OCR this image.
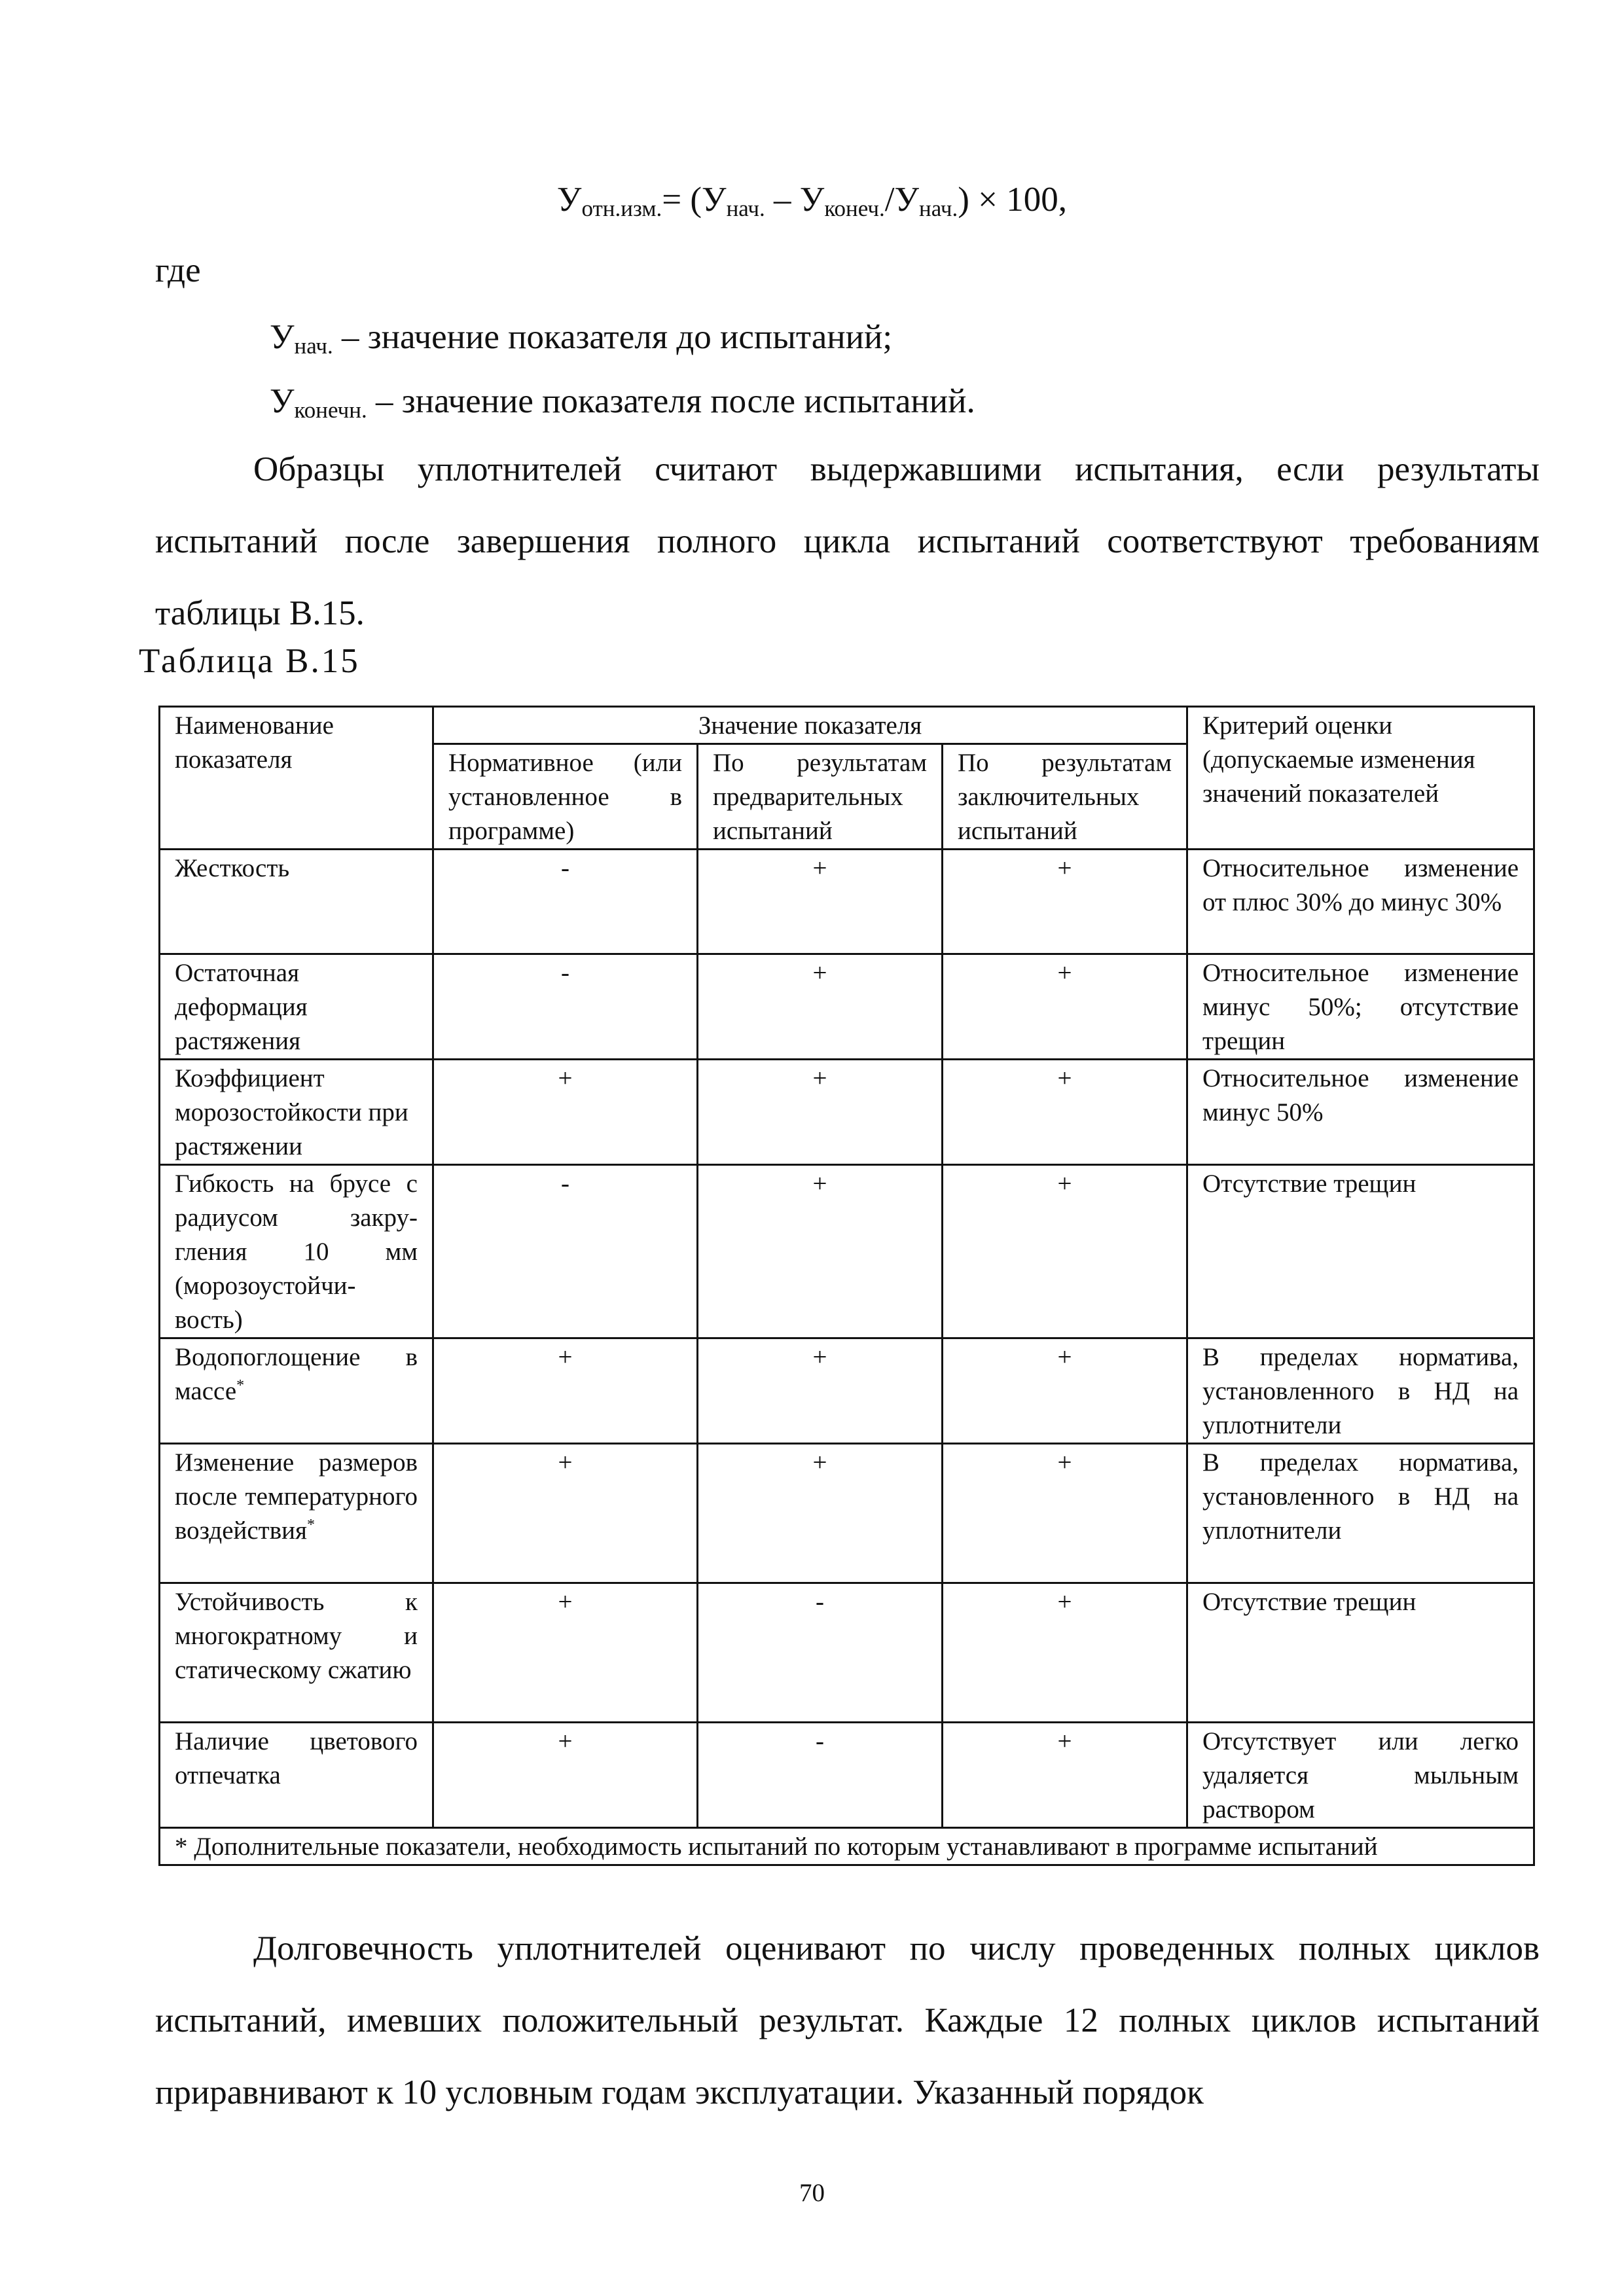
$У_{отн.изм.}= (У_{нач.} - У_{конеч.}/У_{нач.}) \times 100$,
где
$У_{нач.}$ – значение показателя до испытаний;
$У_{конечн.}$ – значение показателя после испытаний.
Образцы уплотнителей считают выдержавшими испытания, если результаты испытаний после завершения полного цикла испытаний соответствуют требованиям таблицы В.15.
Таблица В.15
Наименование показателя	Значение показателя			Критерий оценки (допускаемые изменения значений показателей
	Нормативное (или установленное в программе)	По результатам предварительных испытаний	По результатам заключительных испытаний	
Жесткость	-	+	+	Относительное изменение от плюс 30% до минус 30%
Остаточная деформация растяжения	-	+	+	Относительное изменение минус 50%; отсутствие трещин
Коэффициент морозостойкости при растяжении	+	+	+	Относительное изменение минус 50%
Гибкость на брусе с радиусом закру-гления 10 мм (морозоустойчи-вость)	-	+	+	Отсутствие трещин
Водопоглощение в массе*	+	+	+	В пределах норматива, установленного в НД на уплотнители
Изменение размеров после температурного воздействия*	+	+	+	В пределах норматива, установленного в НД на уплотнители
Устойчивость к многократному и статическому сжатию	+	-	+	Отсутствие трещин
Наличие цветового отпечатка	+	-	+	Отсутствует или легко удаляется мыльным раствором
* Дополнительные показатели, необходимость испытаний по которым устанавливают в программе испытаний				
Долговечность уплотнителей оценивают по числу проведенных полных циклов испытаний, имевших положительный результат. Каждые 12 полных циклов испытаний приравнивают к 10 условным годам эксплуатации. Указанный порядок
70
